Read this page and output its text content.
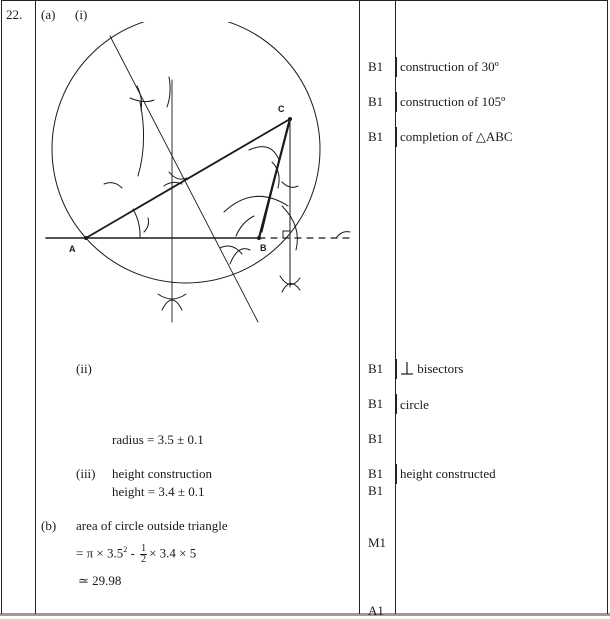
22. (a) (i)
A	B
C
(ii)
radius = 3.5 ± 0.1
(iii) height construction
height = 3.4 ± 0.1
(b) area of circle outside triangle
= $\pi \times 3.5^2 - \frac{1}{2} \times 3.4 \times 5$
≃ 29.98
B1
B1
B1
B1
B1
B1
B1
B1
M1
A1
construction of 30º
construction of 105º
completion of △ABC
bisectors
circle
height constructed
